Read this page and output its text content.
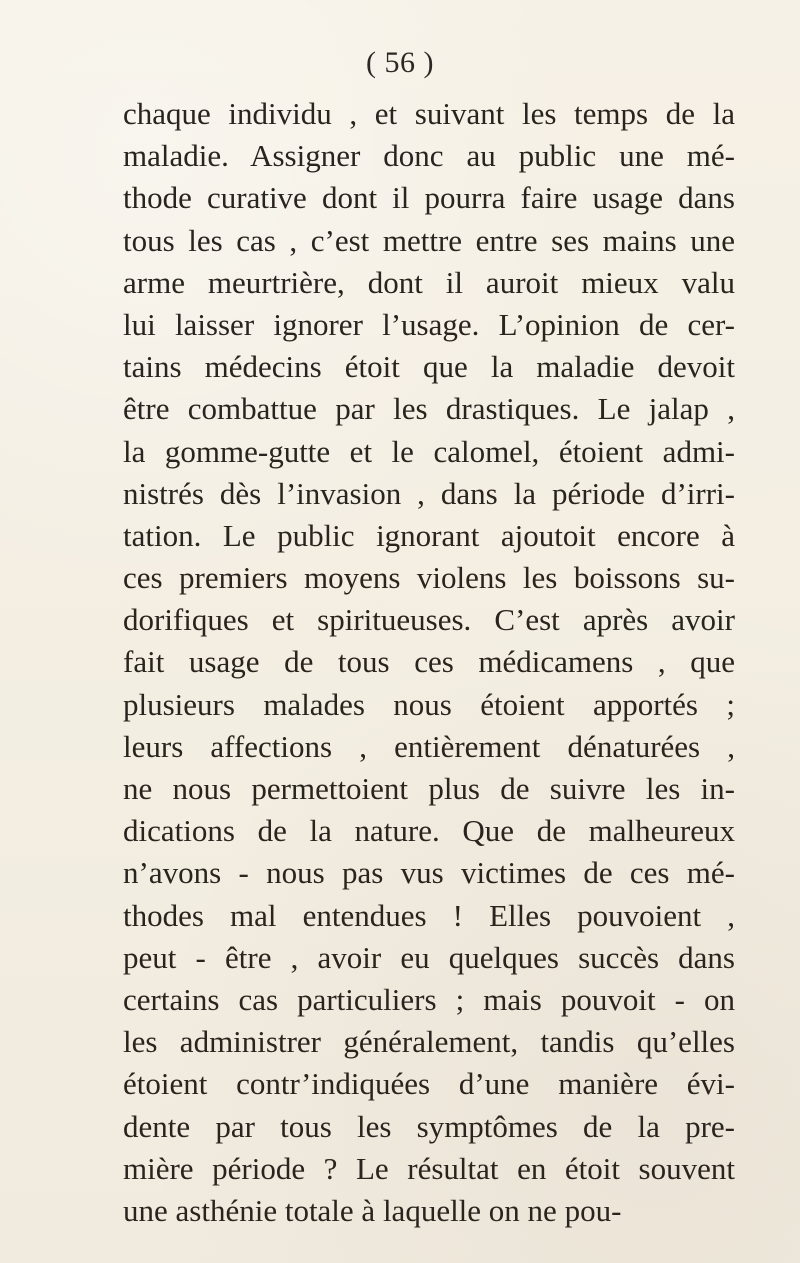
( 56 )
chaque individu , et suivant les temps de la
maladie. Assigner donc au public une mé-
thode curative dont il pourra faire usage dans
tous les cas , c’est mettre entre ses mains une
arme meurtrière, dont il auroit mieux valu
lui laisser ignorer l’usage. L’opinion de cer-
tains médecins étoit que la maladie devoit
être combattue par les drastiques. Le jalap ,
la gomme-gutte et le calomel, étoient admi-
nistrés dès l’invasion , dans la période d’irri-
tation. Le public ignorant ajoutoit encore à
ces premiers moyens violens les boissons su-
dorifiques et spiritueuses. C’est après avoir
fait usage de tous ces médicamens , que
plusieurs malades nous étoient apportés ;
leurs affections , entièrement dénaturées ,
ne nous permettoient plus de suivre les in-
dications de la nature. Que de malheureux
n’avons - nous pas vus victimes de ces mé-
thodes mal entendues ! Elles pouvoient ,
peut - être , avoir eu quelques succès dans
certains cas particuliers ; mais pouvoit - on
les administrer généralement, tandis qu’elles
étoient contr’indiquées d’une manière évi-
dente par tous les symptômes de la pre-
mière période ? Le résultat en étoit souvent
une asthénie totale à laquelle on ne pou-
